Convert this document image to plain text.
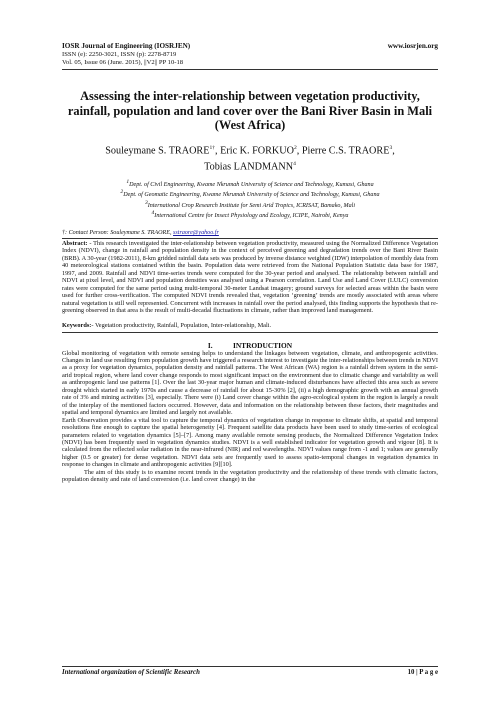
IOSR Journal of Engineering (IOSRJEN)
ISSN (e): 2250-3021, ISSN (p): 2278-8719
Vol. 05, Issue 06 (June. 2015), ||V2|| PP 10-18
www.iosrjen.org
Assessing the inter-relationship between vegetation productivity, rainfall, population and land cover over the Bani River Basin in Mali (West Africa)
Souleymane S. $TRAORE^{1\dagger}$, Eric K. FORKUO$^2$, Pierre C.S. TRAORE$^3$,
Tobias LANDMANN$^4$
$^1$Dept. of Civil Engineering, Kwame Nkrumah University of Science and Technology, Kumasi, Ghana
$^2$Dept. of Geomatic Engineering, Kwame Nkrumah University of Science and Technology, Kumasi, Ghana
$^3$International Crop Research Institute for Semi Arid Tropics, ICRISAT, Bamako, Mali
$^4$International Centre for Insect Physiology and Ecology, ICIPE, Nairobi, Kenya
†: Contact Person: Souleymane S. TRAORE, sstraore@yahoo.fr
Abstract: - This research investigated the inter-relationship between vegetation productivity, measured using the Normalized Difference Vegetation Index (NDVI), change in rainfall and population density in the context of perceived greening and degradation trends over the Bani River Basin (BRB). A 30-year (1982-2011), 8-km gridded rainfall data sets was produced by inverse distance weighted (IDW) interpolation of monthly data from 40 meteorological stations contained within the basin. Population data were retrieved from the National Population Statistic data base for 1987, 1997, and 2009. Rainfall and NDVI time-series trends were computed for the 30-year period and analysed. The relationship between rainfall and NDVI at pixel level, and NDVI and population densities was analysed using a Pearson correlation. Land Use and Land Cover (LULC) conversion rates were computed for the same period using multi-temporal 30-meter Landsat imagery; ground surveys for selected areas within the basin were used for further cross-verification. The computed NDVI trends revealed that, vegetation ‘greening’ trends are mostly associated with areas where natural vegetation is still well represented. Concurrent with increases in rainfall over the period analysed, this finding supports the hypothesis that re-greening observed in that area is the result of multi-decadal fluctuations in climate, rather than improved land management.
Keywords:- Vegetation productivity, Rainfall, Population, Inter-relationship, Mali.
I.           INTRODUCTION

Global monitoring of vegetation with remote sensing helps to understand the linkages between vegetation, climate, and anthropogenic activities. Changes in land use resulting from population growth have triggered a research interest to investigate the inter-relationships between trends in NDVI as a proxy for vegetation dynamics, population density and rainfall patterns. The West African (WA) region is a rainfall driven system in the semi-arid tropical region, where land cover change responds to most significant impact on the environment due to climatic change and variability as well as anthropogenic land use patterns [1]. Over the last 30-year major human and climate-induced disturbances have affected this area such as severe drought which started in early 1970s and cause a decrease of rainfall for about 15-30% [2], (ii) a high demographic growth with an annual growth rate of 3% and mining activities [3], especially. There were (i) Land cover change within the agro-ecological system in the region is largely a result of the interplay of the mentioned factors occurred. However, data and information on the relationship between these factors, their magnitudes and spatial and temporal dynamics are limited and largely not available.

Earth Observation provides a vital tool to capture the temporal dynamics of vegetation change in response to climate shifts, at spatial and temporal resolutions fine enough to capture the spatial heterogeneity [4]. Frequent satellite data products have been used to study time-series of ecological parameters related to vegetation dynamics [5]–[7]. Among many available remote sensing products, the Normalized Difference Vegetation Index (NDVI) has been frequently used in vegetation dynamics studies. NDVI is a well established indicator for vegetation growth and vigour [8]. It is calculated from the reflected solar radiation in the near-infrared (NIR) and red wavelengths. NDVI values range from -1 and 1; values are generally higher (0.5 or greater) for dense vegetation. NDVI data sets are frequently used to assess spatio-temporal changes in vegetation dynamics in response to changes in climate and anthropogenic activities [9][10].

The aim of this study is to examine recent trends in the vegetation productivity and the relationship of these trends with climatic factors, population density and rate of land conversion (i.e. land cover change) in the

International organization of Scientific Research	10 | P a g e
